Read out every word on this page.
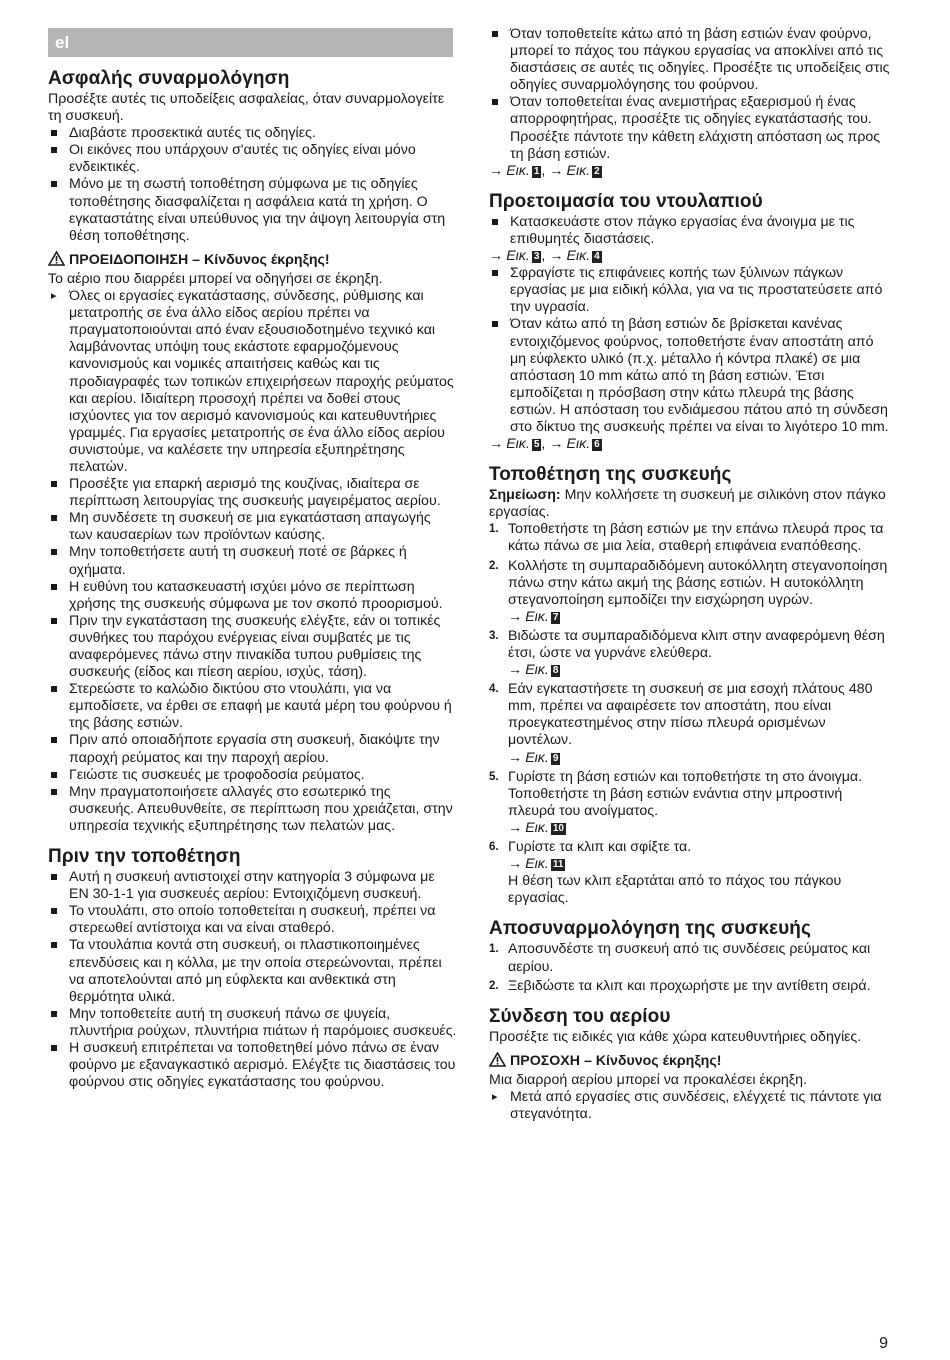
el
Ασφαλής συναρμολόγηση

Προσέξτε αυτές τις υποδείξεις ασφαλείας, όταν συναρμολογείτε τη συσκευή.

Διαβάστε προσεκτικά αυτές τις οδηγίες.
Οι εικόνες που υπάρχουν σ'αυτές τις οδηγίες είναι μόνο ενδεικτικές.
Μόνο με τη σωστή τοποθέτηση σύμφωνα με τις οδηγίες τοποθέτησης διασφαλίζεται η ασφάλεια κατά τη χρήση. Ο εγκαταστάτης είναι υπεύθυνος για την άψογη λειτουργία στη θέση τοποθέτησης.
ΠΡΟΕΙΔΟΠΟΙΗΣΗ – Κίνδυνος έκρηξης!

Το αέριο που διαρρέει μπορεί να οδηγήσει σε έκρηξη.

▸ Όλες οι εργασίες εγκατάστασης, σύνδεσης, ρύθμισης και μετατροπής σε ένα άλλο είδος αερίου πρέπει να πραγματοποιούνται από έναν εξουσιοδοτημένο τεχνικό και λαμβάνοντας υπόψη τους εκάστοτε εφαρμοζόμενους κανονισμούς και νομικές απαιτήσεις καθώς και τις προδιαγραφές των τοπικών επιχειρήσεων παροχής ρεύματος και αερίου. Ιδιαίτερη προσοχή πρέπει να δοθεί στους ισχύοντες για τον αερισμό κανονισμούς και κατευθυντήριες γραμμές. Για εργασίες μετατροπής σε ένα άλλο είδος αερίου συνιστούμε, να καλέσετε την υπηρεσία εξυπηρέτησης πελατών.
Προσέξτε για επαρκή αερισμό της κουζίνας, ιδιαίτερα σε περίπτωση λειτουργίας της συσκευής μαγειρέματος αερίου.
Μη συνδέσετε τη συσκευή σε μια εγκατάσταση απαγωγής των καυσαερίων των προϊόντων καύσης.
Μην τοποθετήσετε αυτή τη συσκευή ποτέ σε βάρκες ή οχήματα.
Η ευθύνη του κατασκευαστή ισχύει μόνο σε περίπτωση χρήσης της συσκευής σύμφωνα με τον σκοπό προορισμού.
Πριν την εγκατάσταση της συσκευής ελέγξτε, εάν οι τοπικές συνθήκες του παρόχου ενέργειας είναι συμβατές με τις αναφερόμενες πάνω στην πινακίδα τυπου ρυθμίσεις της συσκευής (είδος και πίεση αερίου, ισχύς, τάση).
Στερεώστε το καλώδιο δικτύου στο ντουλάπι, για να εμποδίσετε, να έρθει σε επαφή με καυτά μέρη του φούρνου ή της βάσης εστιών.
Πριν από οποιαδήποτε εργασία στη συσκευή, διακόψτε την παροχή ρεύματος και την παροχή αερίου.
Γειώστε τις συσκευές με τροφοδοσία ρεύματος.
Μην πραγματοποιήσετε αλλαγές στο εσωτερικό της συσκευής. Απευθυνθείτε, σε περίπτωση που χρειάζεται, στην υπηρεσία τεχνικής εξυπηρέτησης των πελατών μας.
Πριν την τοποθέτηση
Αυτή η συσκευή αντιστοιχεί στην κατηγορία 3 σύμφωνα με EN 30-1-1 για συσκευές αερίου: Εντοιχιζόμενη συσκευή.
Το ντουλάπι, στο οποίο τοποθετείται η συσκευή, πρέπει να στερεωθεί αντίστοιχα και να είναι σταθερό.
Τα ντουλάπια κοντά στη συσκευή, οι πλαστικοποιημένες επενδύσεις και η κόλλα, με την οποία στερεώνονται, πρέπει να αποτελούνται από μη εύφλεκτα και ανθεκτικά στη θερμότητα υλικά.
Μην τοποθετείτε αυτή τη συσκευή πάνω σε ψυγεία, πλυντήρια ρούχων, πλυντήρια πιάτων ή παρόμοιες συσκευές.
Η συσκευή επιτρέπεται να τοποθετηθεί μόνο πάνω σε έναν φούρνο με εξαναγκαστικό αερισμό. Ελέγξτε τις διαστάσεις του φούρνου στις οδηγίες εγκατάστασης του φούρνου.
Όταν τοποθετείτε κάτω από τη βάση εστιών έναν φούρνο, μπορεί το πάχος του πάγκου εργασίας να αποκλίνει από τις διαστάσεις σε αυτές τις οδηγίες. Προσέξτε τις υποδείξεις στις οδηγίες συναρμολόγησης του φούρνου.
Όταν τοποθετείται ένας ανεμιστήρας εξαερισμού ή ένας απορροφητήρας, προσέξτε τις οδηγίες εγκατάστασής του. Προσέξτε πάντοτε την κάθετη ελάχιστη απόσταση ως προς τη βάση εστιών.

→ Εικ. 1 , → Εικ. 2

Προετοιμασία του ντουλαπιού
Κατασκευάστε στον πάγκο εργασίας ένα άνοιγμα με τις επιθυμητές διαστάσεις.

→ Εικ. 3 , → Εικ. 4

Σφραγίστε τις επιφάνειες κοπής των ξύλινων πάγκων εργασίας με μια ειδική κόλλα, για να τις προστατεύσετε από την υγρασία.
Όταν κάτω από τη βάση εστιών δε βρίσκεται κανένας εντοιχιζόμενος φούρνος, τοποθετήστε έναν αποστάτη από μη εύφλεκτο υλικό (π.χ. μέταλλο ή κόντρα πλακέ) σε μια απόσταση 10 mm κάτω από τη βάση εστιών. Έτσι εμποδίζεται η πρόσβαση στην κάτω πλευρά της βάσης εστιών. Η απόσταση του ενδιάμεσου πάτου από τη σύνδεση στο δίκτυο της συσκευής πρέπει να είναι το λιγότερο 10 mm.

→ Εικ. 5 , → Εικ. 6

Τοποθέτηση της συσκευής

Σημείωση: Μην κολλήσετε τη συσκευή με σιλικόνη στον πάγκο εργασίας.

1. Τοποθετήστε τη βάση εστιών με την επάνω πλευρά προς τα κάτω πάνω σε μια λεία, σταθερή επιφάνεια εναπόθεσης.
2. Κολλήστε τη συμπαραδιδόμενη αυτοκόλλητη στεγανοποίηση πάνω στην κάτω ακμή της βάσης εστιών. Η αυτοκόλλητη στεγανοποίηση εμποδίζει την εισχώρηση υγρών.
→ Εικ. 7
3. Βιδώστε τα συμπαραδιδόμενα κλιπ στην αναφερόμενη θέση έτσι, ώστε να γυρνάνε ελεύθερα.
→ Εικ. 8
4. Εάν εγκαταστήσετε τη συσκευή σε μια εσοχή πλάτους 480 mm, πρέπει να αφαιρέσετε τον αποστάτη, που είναι προεγκατεστημένος στην πίσω πλευρά ορισμένων μοντέλων.
→ Εικ. 9
5. Γυρίστε τη βάση εστιών και τοποθετήστε τη στο άνοιγμα. Τοποθετήστε τη βάση εστιών ενάντια στην μπροστινή πλευρά του ανοίγματος.
→ Εικ. 10
6. Γυρίστε τα κλιπ και σφίξτε τα.
→ Εικ. 11
Η θέση των κλιπ εξαρτάται από το πάχος του πάγκου εργασίας.
Αποσυναρμολόγηση της συσκευής
1. Αποσυνδέστε τη συσκευή από τις συνδέσεις ρεύματος και αερίου.
2. Ξεβιδώστε τα κλιπ και προχωρήστε με την αντίθετη σειρά.
Σύνδεση του αερίου

Προσέξτε τις ειδικές για κάθε χώρα κατευθυντήριες οδηγίες.

ΠΡΟΣΟΧΗ – Κίνδυνος έκρηξης!

Μια διαρροή αερίου μπορεί να προκαλέσει έκρηξη.

▸ Μετά από εργασίες στις συνδέσεις, ελέγχετέ τις πάντοτε για στεγανότητα.
9
